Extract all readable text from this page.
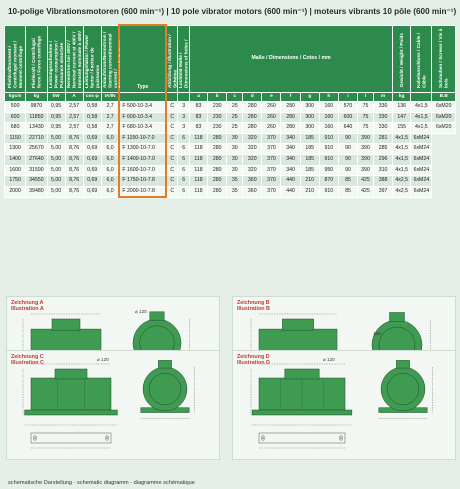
10-polige Vibrationsmotoren (600 min⁻¹) | 10 pole vibrator motors (600 min⁻¹) | moteurs vibrants 10 pôle (600 min⁻¹)
Fliehkraftmoment / Centrifugal moment / Moment centrifuge	Fliehkraft / Centrifugal force / Force centrifuge	Leistungsaufnahme / Power consumption / Puissance absorbée	Nennstrom bei 400V / Nominal current at 400V / Intensité nominale à 400V	Leistungsfaktor / Power factor / Facteur de puissance	Anlaufstrom/Nennstrom / Starting current/nominal current /	Type	Abbildung / Illustration / Schéma	Lochbild Maße / Dimensions of holes /	Maße / Dimensions / Cotes / mm											Gewicht / Weight / Poids	Kabelanschluss / Cable / Câble	Schrauben / Screws / Vis à bois
kgcm	kg	kW	A	cos φ	IA/IN				a	b	c	d	e	f	g	h	i	l	m	kg		B.B
500	9870	0,95	2,57	0,58	2,7	F 500-10-3.4	C	3	83	230	25	280	260	280	300	160	570	75	330	136	4x1,5	6xM20
600	11850	0,95	2,57	0,58	2,7	F 600-10-3.4	C	3	83	230	25	280	260	280	300	160	600	75	330	147	4x1,5	6xM20
680	13430	0,95	2,57	0,58	2,7	F 680-10-3.4	C	3	83	230	25	280	260	280	300	160	640	75	330	155	4x1,5	6xM20
1150	22710	5,00	8,76	0,69	6,0	F 1150-10-7.0	C	6	118	280	30	320	370	340	185	910	90	390	281	4x1,5	6xM24	
1300	25670	5,00	8,76	0,69	6,0	F 1300-10-7.0	C	6	118	280	30	320	370	340	185	910	90	390	285	4x1,5	6xM24	
1400	27640	5,00	8,76	0,69	6,0	F 1400-10-7.0	C	6	118	280	30	320	370	340	185	910	90	390	296	4x1,5	6xM24	
1600	31590	5,00	8,76	0,69	6,0	F 1600-10-7.0	C	6	118	280	30	320	370	340	185	950	90	390	310	4x1,5	6xM24	
1750	34550	5,00	8,76	0,69	6,0	F 1750-10-7.8	C	6	118	280	35	360	370	440	210	870	85	425	388	4x2,5	6xM24	
2000	39480	5,00	8,76	0,69	6,0	F 2000-10-7.8	C	6	118	280	35	360	370	440	210	910	85	425	397	4x2,5	6xM24	
Zeichnung A
Illustration A	⌀ 120
Zeichnung B
Illustration B
140
Zeichnung C
Illustration C
⌀ 120	Zeichnung D
Illustration D
⌀ 120
schematische Darstellung · schematic diagramm · diagramme schématique
